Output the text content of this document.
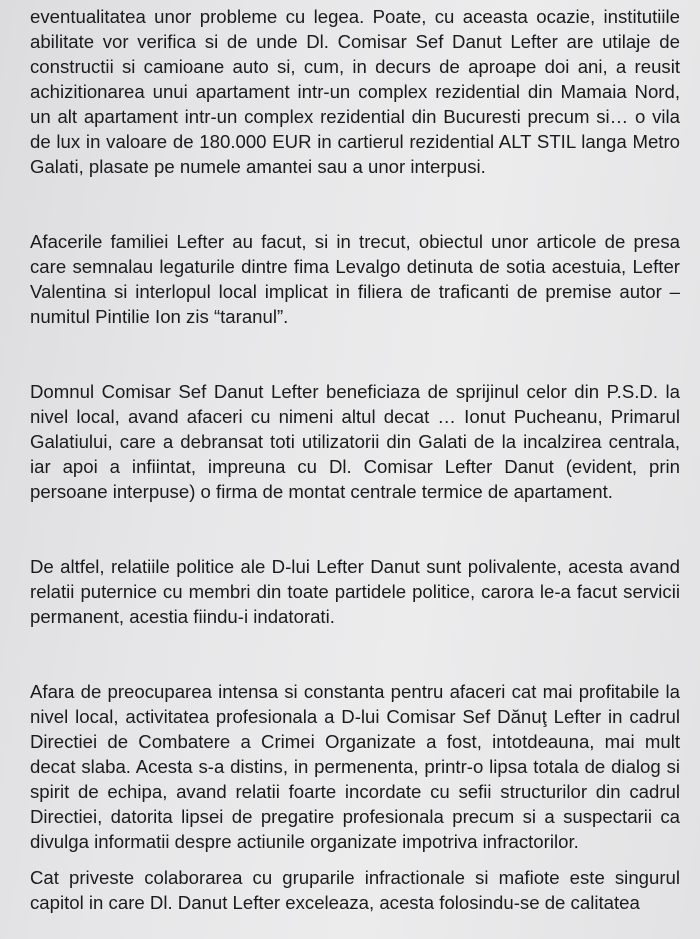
eventualitatea unor probleme cu legea. Poate, cu aceasta ocazie, institutiile abilitate vor verifica si de unde Dl. Comisar Sef Danut Lefter are utilaje de constructii si camioane auto si, cum, in decurs de aproape doi ani, a reusit achizitionarea unui apartament intr-un complex rezidential din Mamaia Nord, un alt apartament intr-un complex rezidential din Bucuresti precum si… o vila de lux in valoare de 180.000 EUR in cartierul rezidential ALT STIL langa Metro Galati, plasate pe numele amantei sau a unor interpusi.

Afacerile familiei Lefter au facut, si in trecut, obiectul unor articole de presa care semnalau legaturile dintre fima Levalgo detinuta de sotia acestuia, Lefter Valentina si interlopul local implicat in filiera de traficanti de premise autor – numitul Pintilie Ion zis “taranul”.

Domnul Comisar Sef Danut Lefter beneficiaza de sprijinul celor din P.S.D. la nivel local, avand afaceri cu nimeni altul decat … Ionut Pucheanu, Primarul Galatiului, care a debransat toti utilizatorii din Galati de la incalzirea centrala, iar apoi a infiintat, impreuna cu Dl. Comisar Lefter Danut (evident, prin persoane interpuse) o firma de montat centrale termice de apartament.

De altfel, relatiile politice ale D-lui Lefter Danut sunt polivalente, acesta avand relatii puternice cu membri din toate partidele politice, carora le-a facut servicii permanent, acestia fiindu-i indatorati.

Afara de preocuparea intensa si constanta pentru afaceri cat mai profitabile la nivel local, activitatea profesionala a D-lui Comisar Sef Dănuţ Lefter in cadrul Directiei de Combatere a Crimei Organizate a fost, intotdeauna, mai mult decat slaba. Acesta s-a distins, in permenenta, printr-o lipsa totala de dialog si spirit de echipa, avand relatii foarte incordate cu sefii structurilor din cadrul Directiei, datorita lipsei de pregatire profesionala precum si a suspectarii ca divulga informatii despre actiunile organizate impotriva infractorilor.

Cat priveste colaborarea cu gruparile infractionale si mafiote este singurul capitol in care Dl. Danut Lefter exceleaza, acesta folosindu-se de calitatea
